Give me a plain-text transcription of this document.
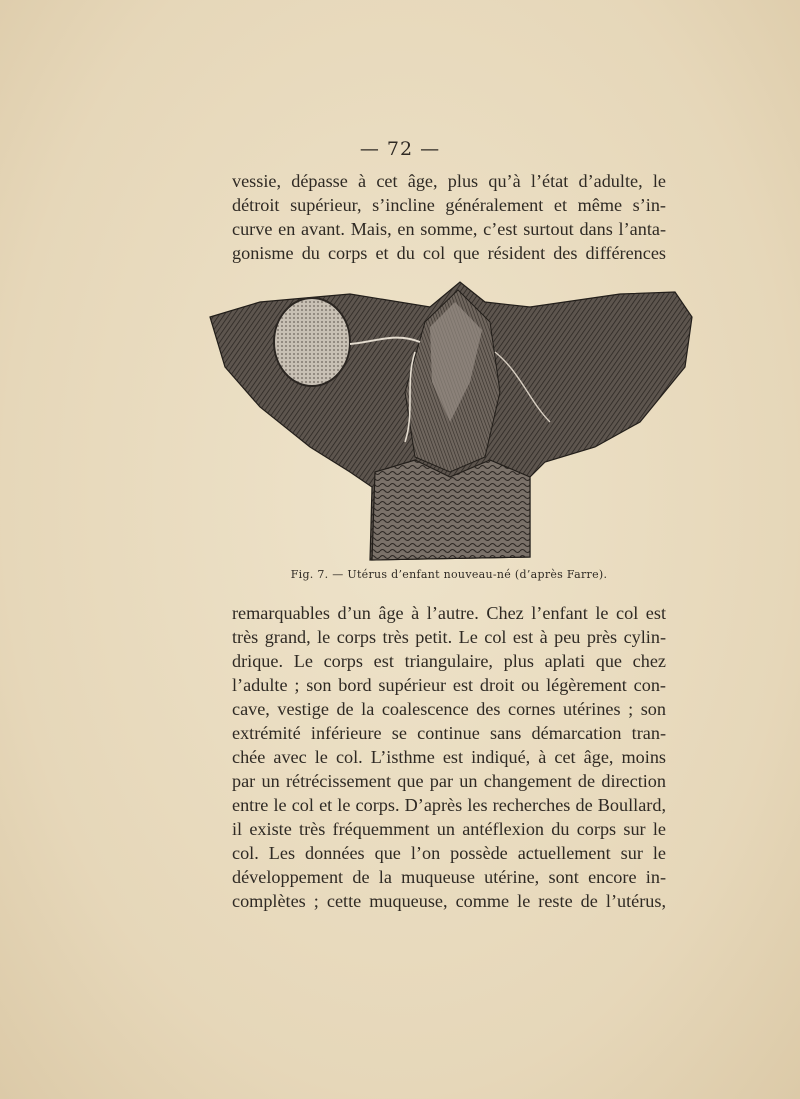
— 72 —
vessie, dépasse à cet âge, plus qu’à l’état d’adulte, le
détroit supérieur, s’incline généralement et même s’in-
curve en avant. Mais, en somme, c’est surtout dans l’anta-
gonisme du corps et du col que résident des différences
Fig. 7. — Utérus d’enfant nouveau-né (d’après Farre).
remarquables d’un âge à l’autre. Chez l’enfant le col est
très grand, le corps très petit. Le col est à peu près cylin-
drique. Le corps est triangulaire, plus aplati que chez
l’adulte ; son bord supérieur est droit ou légèrement con-
cave, vestige de la coalescence des cornes utérines ; son
extrémité inférieure se continue sans démarcation tran-
chée avec le col. L’isthme est indiqué, à cet âge, moins
par un rétrécissement que par un changement de direction
entre le col et le corps. D’après les recherches de Boullard,
il existe très fréquemment un antéflexion du corps sur le
col. Les données que l’on possède actuellement sur le
développement de la muqueuse utérine, sont encore in-
complètes ; cette muqueuse, comme le reste de l’utérus,
